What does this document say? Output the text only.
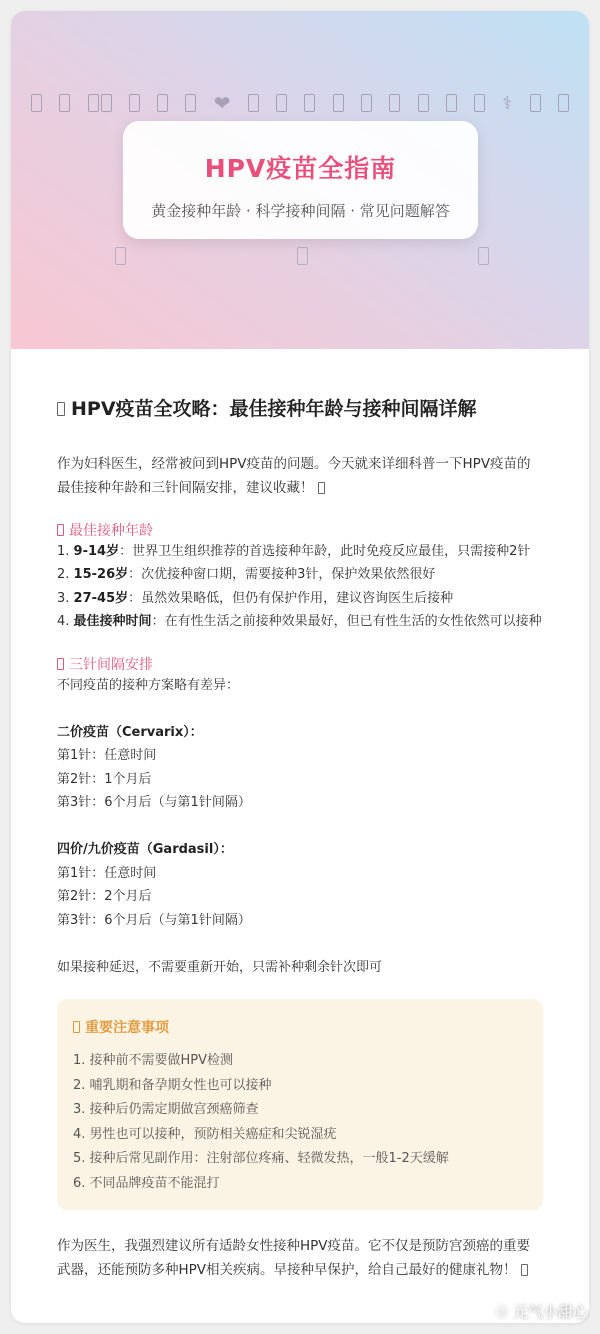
❤	⚕
HPV疫苗全指南
黄金接种年龄 · 科学接种间隔 · 常见问题解答
HPV疫苗全攻略：最佳接种年龄与接种间隔详解
作为妇科医生，经常被问到HPV疫苗的问题。今天就来详细科普一下HPV疫苗的最佳接种年龄和三针间隔安排，建议收藏！
最佳接种年龄
1. 9-14岁：世界卫生组织推荐的首选接种年龄，此时免疫反应最佳，只需接种2针
2. 15-26岁：次优接种窗口期，需要接种3针，保护效果依然很好
3. 27-45岁：虽然效果略低，但仍有保护作用，建议咨询医生后接种
4. 最佳接种时间：在有性生活之前接种效果最好，但已有性生活的女性依然可以接种
三针间隔安排
不同疫苗的接种方案略有差异：
二价疫苗（Cervarix）：
第1针：任意时间
第2针：1个月后
第3针：6个月后（与第1针间隔）
四价/九价疫苗（Gardasil）：
第1针：任意时间
第2针：2个月后
第3针：6个月后（与第1针间隔）
如果接种延迟，不需要重新开始，只需补种剩余针次即可
重要注意事项
1. 接种前不需要做HPV检测
2. 哺乳期和备孕期女性也可以接种
3. 接种后仍需定期做宫颈癌筛查
4. 男性也可以接种，预防相关癌症和尖锐湿疣
5. 接种后常见副作用：注射部位疼痛、轻微发热，一般1-2天缓解
6. 不同品牌疫苗不能混打
作为医生，我强烈建议所有适龄女性接种HPV疫苗。它不仅是预防宫颈癌的重要武器，还能预防多种HPV相关疾病。早接种早保护，给自己最好的健康礼物！
ⓐ 元气小甜心
